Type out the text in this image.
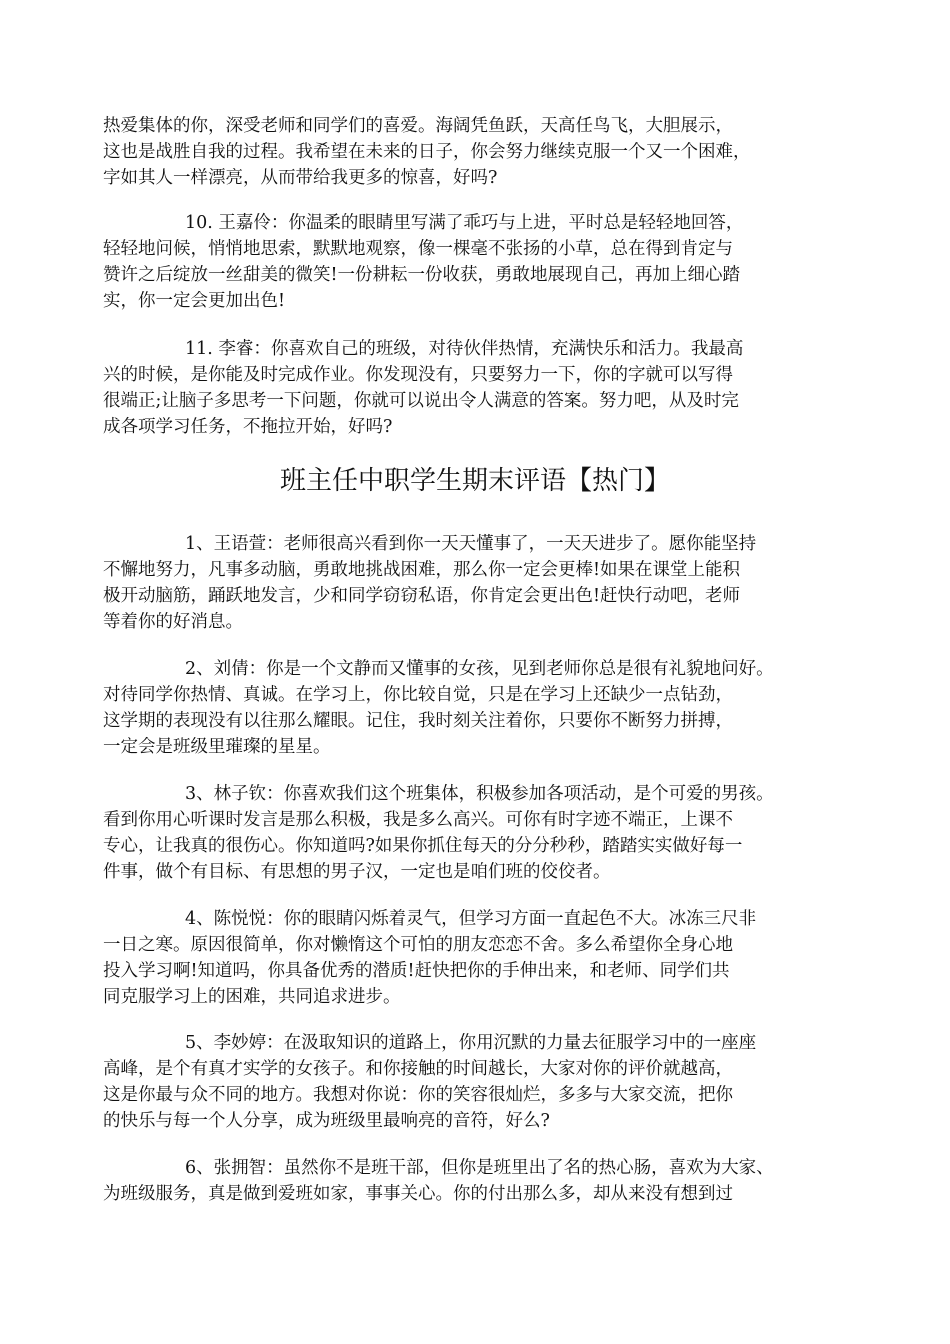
热爱集体的你，深受老师和同学们的喜爱。海阔凭鱼跃，天高任鸟飞，大胆展示，
这也是战胜自我的过程。我希望在未来的日子，你会努力继续克服一个又一个困难，
字如其人一样漂亮，从而带给我更多的惊喜，好吗?
10. 王嘉伶：你温柔的眼睛里写满了乖巧与上进，平时总是轻轻地回答，
轻轻地问候，悄悄地思索，默默地观察，像一棵毫不张扬的小草，总在得到肯定与
赞许之后绽放一丝甜美的微笑!一份耕耘一份收获，勇敢地展现自己，再加上细心踏
实，你一定会更加出色!
11. 李睿：你喜欢自己的班级，对待伙伴热情，充满快乐和活力。我最高
兴的时候，是你能及时完成作业。你发现没有，只要努力一下，你的字就可以写得
很端正;让脑子多思考一下问题，你就可以说出令人满意的答案。努力吧，从及时完
成各项学习任务，不拖拉开始，好吗?
班主任中职学生期末评语【热门】
1、王语萱：老师很高兴看到你一天天懂事了，一天天进步了。愿你能坚持
不懈地努力，凡事多动脑，勇敢地挑战困难，那么你一定会更棒!如果在课堂上能积
极开动脑筋，踊跃地发言，少和同学窃窃私语，你肯定会更出色!赶快行动吧，老师
等着你的好消息。
2、刘倩：你是一个文静而又懂事的女孩，见到老师你总是很有礼貌地问好。
对待同学你热情、真诚。在学习上，你比较自觉，只是在学习上还缺少一点钻劲，
这学期的表现没有以往那么耀眼。记住，我时刻关注着你，只要你不断努力拼搏，
一定会是班级里璀璨的星星。
3、林子钦：你喜欢我们这个班集体，积极参加各项活动，是个可爱的男孩。
看到你用心听课时发言是那么积极，我是多么高兴。可你有时字迹不端正，上课不
专心，让我真的很伤心。你知道吗?如果你抓住每天的分分秒秒，踏踏实实做好每一
件事，做个有目标、有思想的男子汉，一定也是咱们班的佼佼者。
4、陈悦悦：你的眼睛闪烁着灵气，但学习方面一直起色不大。冰冻三尺非
一日之寒。原因很简单，你对懒惰这个可怕的朋友恋恋不舍。多么希望你全身心地
投入学习啊!知道吗，你具备优秀的潜质!赶快把你的手伸出来，和老师、同学们共
同克服学习上的困难，共同追求进步。
5、李妙婷：在汲取知识的道路上，你用沉默的力量去征服学习中的一座座
高峰，是个有真才实学的女孩子。和你接触的时间越长，大家对你的评价就越高，
这是你最与众不同的地方。我想对你说：你的笑容很灿烂，多多与大家交流，把你
的快乐与每一个人分享，成为班级里最响亮的音符，好么?
6、张拥智：虽然你不是班干部，但你是班里出了名的热心肠，喜欢为大家、
为班级服务，真是做到爱班如家，事事关心。你的付出那么多，却从来没有想到过
